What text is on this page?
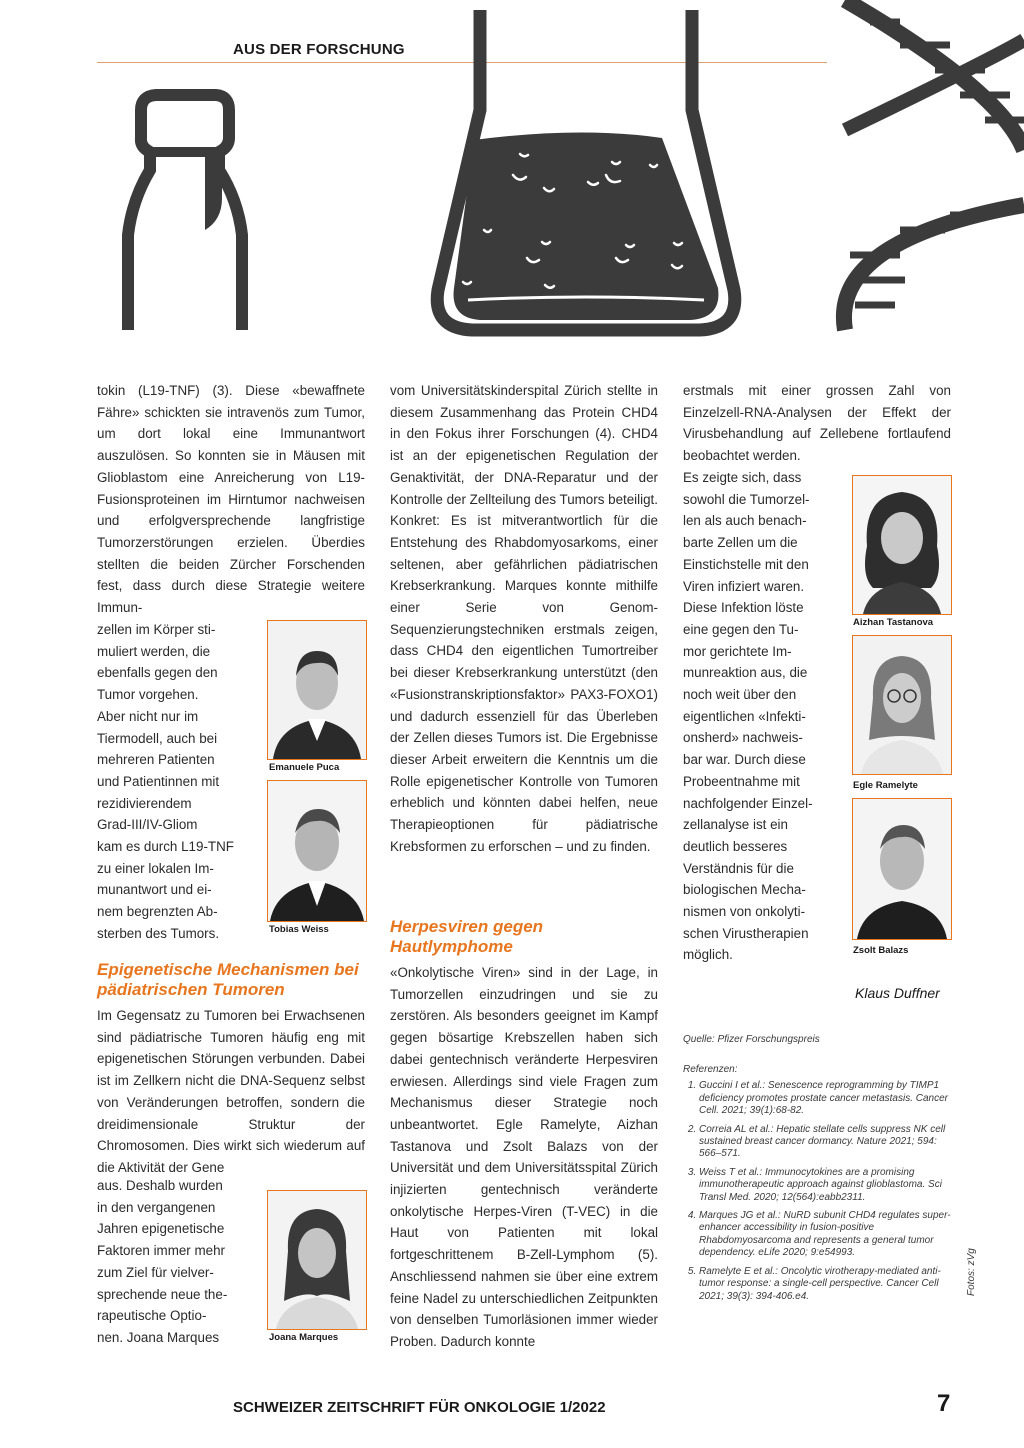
AUS DER FORSCHUNG

tokin (L19-TNF) (3). Diese «bewaffnete Fähre» schickten sie intravenös zum Tumor, um dort lokal eine Immunantwort auszulösen. So konnten sie in Mäusen mit Glioblastom eine Anreicherung von L19-Fusionsproteinen im Hirntumor nachweisen und erfolgversprechende langfristige Tumorzerstörungen erzielen. Überdies stellten die beiden Zürcher Forschenden fest, dass durch diese Strategie weitere Immun-

zellen im Körper sti-
muliert werden, die
ebenfalls gegen den
Tumor vorgehen.
Aber nicht nur im
Tiermodell, auch bei
mehreren Patienten
und Patientinnen mit
rezidivierendem
Grad-III/IV-Gliom
kam es durch L19-TNF
zu einer lokalen Im-
munantwort und ei-
nem begrenzten Ab-
sterben des Tumors.

Epigenetische Mechanismen bei pädiatrischen Tumoren

Im Gegensatz zu Tumoren bei Erwachsenen sind pädiatrische Tumoren häufig eng mit epigenetischen Störungen verbunden. Dabei ist im Zellkern nicht die DNA-Sequenz selbst von Veränderungen betroffen, sondern die dreidimensionale Struktur der Chromosomen. Dies wirkt sich wiederum auf die Aktivität der Gene

aus. Deshalb wurden
in den vergangenen
Jahren epigenetische
Faktoren immer mehr
zum Ziel für vielver-
sprechende neue the-
rapeutische Optio-
nen. Joana Marques

Emanuele Puca
Tobias Weiss
Joana Marques

vom Universitätskinderspital Zürich stellte in diesem Zusammenhang das Protein CHD4 in den Fokus ihrer Forschungen (4). CHD4 ist an der epigenetischen Regulation der Genaktivität, der DNA-Reparatur und der Kontrolle der Zellteilung des Tumors beteiligt. Konkret: Es ist mitverantwortlich für die Entstehung des Rhabdomyosarkoms, einer seltenen, aber gefährlichen pädiatrischen Krebserkrankung. Marques konnte mithilfe einer Serie von Genom-Sequenzierungstechniken erstmals zeigen, dass CHD4 den eigentlichen Tumortreiber bei dieser Krebserkrankung unterstützt (den «Fusionstranskriptionsfaktor» PAX3-FOXO1) und dadurch essenziell für das Überleben der Zellen dieses Tumors ist. Die Ergebnisse dieser Arbeit erweitern die Kenntnis um die Rolle epigenetischer Kontrolle von Tumoren erheblich und könnten dabei helfen, neue Therapieoptionen für pädiatrische Krebsformen zu erforschen – und zu finden.

Herpesviren gegen Hautlymphome

«Onkolytische Viren» sind in der Lage, in Tumorzellen einzudringen und sie zu zerstören. Als besonders geeignet im Kampf gegen bösartige Krebszellen haben sich dabei gentechnisch veränderte Herpesviren erwiesen. Allerdings sind viele Fragen zum Mechanismus dieser Strategie noch unbeantwortet. Egle Ramelyte, Aizhan Tastanova und Zsolt Balazs von der Universität und dem Universitätsspital Zürich injizierten gentechnisch veränderte onkolytische Herpes-Viren (T-VEC) in die Haut von Patienten mit lokal fortgeschrittenem B-Zell-Lymphom (5). Anschliessend nahmen sie über eine extrem feine Nadel zu unterschiedlichen Zeitpunkten von denselben Tumorläsionen immer wieder Proben. Dadurch konnte

erstmals mit einer grossen Zahl von Einzelzell-RNA-Analysen der Effekt der Virusbehandlung auf Zellebene fortlaufend beobachtet werden.

Es zeigte sich, dass
sowohl die Tumorzel-
len als auch benach-
barte Zellen um die
Einstichstelle mit den
Viren infiziert waren.
Diese Infektion löste
eine gegen den Tu-
mor gerichtete Im-
munreaktion aus, die
noch weit über den
eigentlichen «Infekti-
onsherd» nachweis-
bar war. Durch diese
Probeentnahme mit
nachfolgender Einzel-
zellanalyse ist ein
deutlich besseres
Verständnis für die
biologischen Mecha-
nismen von onkolyti-
schen Virustherapien
möglich.

Aizhan Tastanova
Egle Ramelyte
Zsolt Balazs
Klaus Duffner
Quelle: Pfizer Forschungspreis
Referenzen:
1. Guccini I et al.: Senescence reprogramming by TIMP1 deficiency promotes prostate cancer metastasis. Cancer Cell. 2021; 39(1):68-82.
2. Correia AL et al.: Hepatic stellate cells suppress NK cell sustained breast cancer dormancy. Nature 2021; 594: 566–571.
3. Weiss T et al.: Immunocytokines are a promising immunotherapeutic approach against glioblastoma. Sci Transl Med. 2020; 12(564):eabb2311.
4. Marques JG et al.: NuRD subunit CHD4 regulates super-enhancer accessibility in fusion-positive Rhabdomyosarcoma and represents a general tumor dependency. eLife 2020; 9:e54993.
5. Ramelyte E et al.: Oncolytic virotherapy-mediated anti-tumor response: a single-cell perspective. Cancer Cell 2021; 39(3): 394-406.e4.	Fotos: zVg
SCHWEIZER ZEITSCHRIFT FÜR ONKOLOGIE 1/2022	7
